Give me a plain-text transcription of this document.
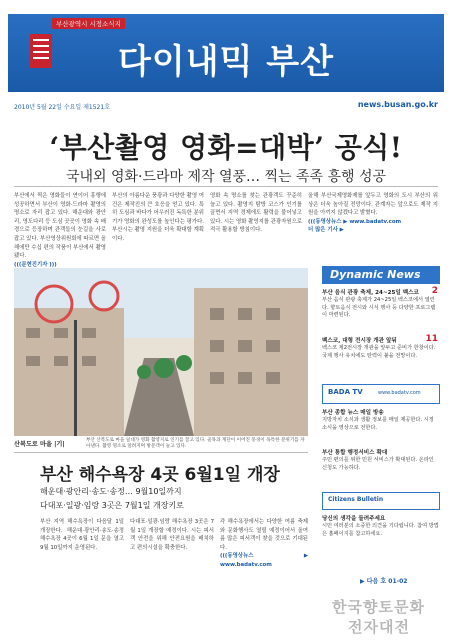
부산광역시 시정소식지
다이내믹 부산
2010년 5월 22일 수요일 제1521호	news.busan.go.kr
‘부산촬영 영화=대박’ 공식!
국내외 영화·드라마 제작 열풍… 찍는 족족 흥행 성공
부산에서 찍은 영화들이 연이어 흥행에 성공하면서 부산이 영화·드라마 촬영의 명소로 자리 잡고 있다. 해운대와 광안리, 영도다리 등 도심 곳곳이 영화 속 배경으로 등장하며 관객들의 눈길을 사로잡고 있다. 부산영상위원회에 따르면 올해에만 수십 편의 작품이 부산에서 촬영됐다.
(((문현진기자 )))
부산의 아름다운 풍광과 다양한 촬영 여건은 제작진의 큰 호응을 얻고 있다. 특히 도심과 바다가 어우러진 독특한 분위기가 영화의 완성도를 높인다는 평가다. 부산시는 촬영 지원을 더욱 확대할 계획이다.
영화 속 명소를 찾는 관광객도 꾸준히 늘고 있다. 촬영지 탐방 코스가 인기를 끌면서 지역 경제에도 활력을 불어넣고 있다. 시는 영화 촬영지를 관광자원으로 적극 활용할 방침이다.
올해 부산국제영화제를 앞두고 영화의 도시 부산의 위상은 더욱 높아질 전망이다. 관계자는 앞으로도 제작 지원을 아끼지 않겠다고 밝혔다.
(((동영상뉴스 ▶ www.badatv.com
더 많은 기사 ▶
산복도로 마을 |기|
부산 산복도로 마을 일대가 영화 촬영지로 인기를 끌고 있다. 골목과 계단이 이어진 풍경이 독특한 분위기를 자아낸다. 촬영 명소로 알려지며 방문객이 늘고 있다.
부산 해수욕장 4곳 6월1일 개장
해운대·광안리·송도·송정… 9월10일까지
다대포·일광·임랑 3곳은 7월1일 개장키로
부산 지역 해수욕장이 다음달 1일 개장한다. 해운대·광안리·송도·송정 해수욕장 4곳이 6월 1일 문을 열고 9월 10일까지 운영된다.
다대포·일광·임랑 해수욕장 3곳은 7월 1일 개장할 예정이다. 시는 피서객 안전을 위해 안전요원을 배치하고 편의시설을 확충한다.
각 해수욕장에서는 다양한 여름 축제와 문화행사도 열릴 예정이어서 올여름 많은 피서객이 찾을 것으로 기대된다.
(((동영상뉴스 ▶ www.badatv.com
Dynamic News
부산 음식 관광 축제, 24~25일 벡스코	2
부산 음식 관광 축제가 24~25일 벡스코에서 열린다. 향토음식 전시와 시식 행사 등 다양한 프로그램이 마련된다.
벡스코, 대형 전시장 개관 앞둬	11
벡스코 제2전시장 개관을 앞두고 준비가 한창이다. 국제 행사 유치에도 탄력이 붙을 전망이다.
BADA TV	www.badatv.com
부산 종합 뉴스 매일 방송
지방자치 소식과 생활 정보를 매일 제공한다. 시정 소식을 영상으로 전한다.
부산 통합 행정서비스 확대
주민 편의를 위한 민원 서비스가 확대된다. 온라인 신청도 가능하다.
Citizens Bulletin
당신의 생각을 들려주세요
시민 여러분의 소중한 의견을 기다립니다. 참여 방법은 홈페이지를 참고하세요.
▶ 다음 호 01-02
한국향토문화
전자대전
